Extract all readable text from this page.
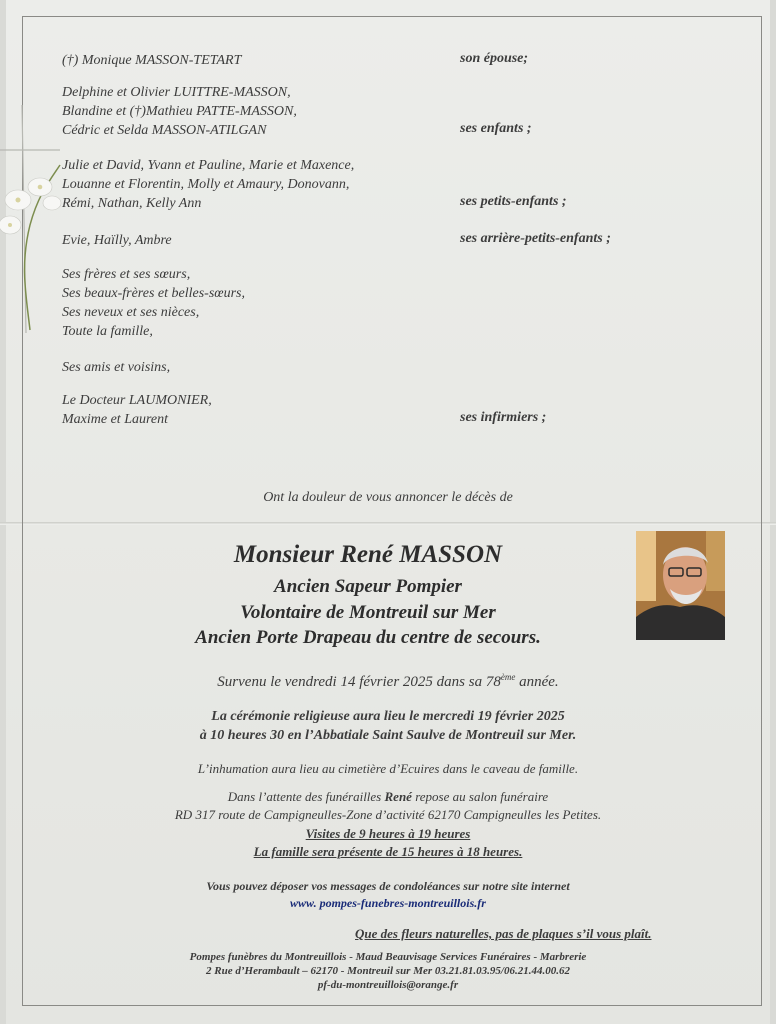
(†) Monique MASSON-TETART	son épouse;
Delphine et Olivier LUITTRE-MASSON,
Blandine et (†)Mathieu PATTE-MASSON,
Cédric et Selda MASSON-ATILGAN	ses enfants ;
Julie et David, Yvann et Pauline, Marie et Maxence,
Louanne et Florentin, Molly et Amaury, Donovann,
Rémi, Nathan, Kelly Ann	ses petits-enfants ;
Evie, Haïlly, Ambre	ses arrière-petits-enfants ;
Ses frères et ses sœurs,
Ses beaux-frères et belles-sœurs,
Ses neveux et ses nièces,
Toute la famille,
Ses amis et voisins,
Le Docteur LAUMONIER,
Maxime et Laurent	ses infirmiers ;
Ont la douleur de vous annoncer le décès de
Monsieur René MASSON
Ancien Sapeur Pompier
Volontaire de Montreuil sur Mer
Ancien Porte Drapeau du centre de secours.
Survenu le vendredi 14 février 2025 dans sa 78ème année.
La cérémonie religieuse aura lieu le mercredi 19 février 2025
à 10 heures 30 en l’Abbatiale Saint Saulve de Montreuil sur Mer.
L’inhumation aura lieu au cimetière d’Ecuires dans le caveau de famille.
Dans l’attente des funérailles René repose au salon funéraire
RD 317 route de Campigneulles-Zone d’activité 62170 Campigneulles les Petites.
Visites de 9 heures à 19 heures
La famille sera présente de 15 heures à 18 heures.
Vous pouvez déposer vos messages de condoléances sur notre site internet
www. pompes-funebres-montreuillois.fr
Que des fleurs naturelles, pas de plaques s’il vous plaît.
Pompes funèbres du Montreuillois - Maud Beauvisage Services Funéraires - Marbrerie
2 Rue d’Herambault – 62170 - Montreuil sur Mer 03.21.81.03.95/06.21.44.00.62
pf-du-montreuillois@orange.fr
